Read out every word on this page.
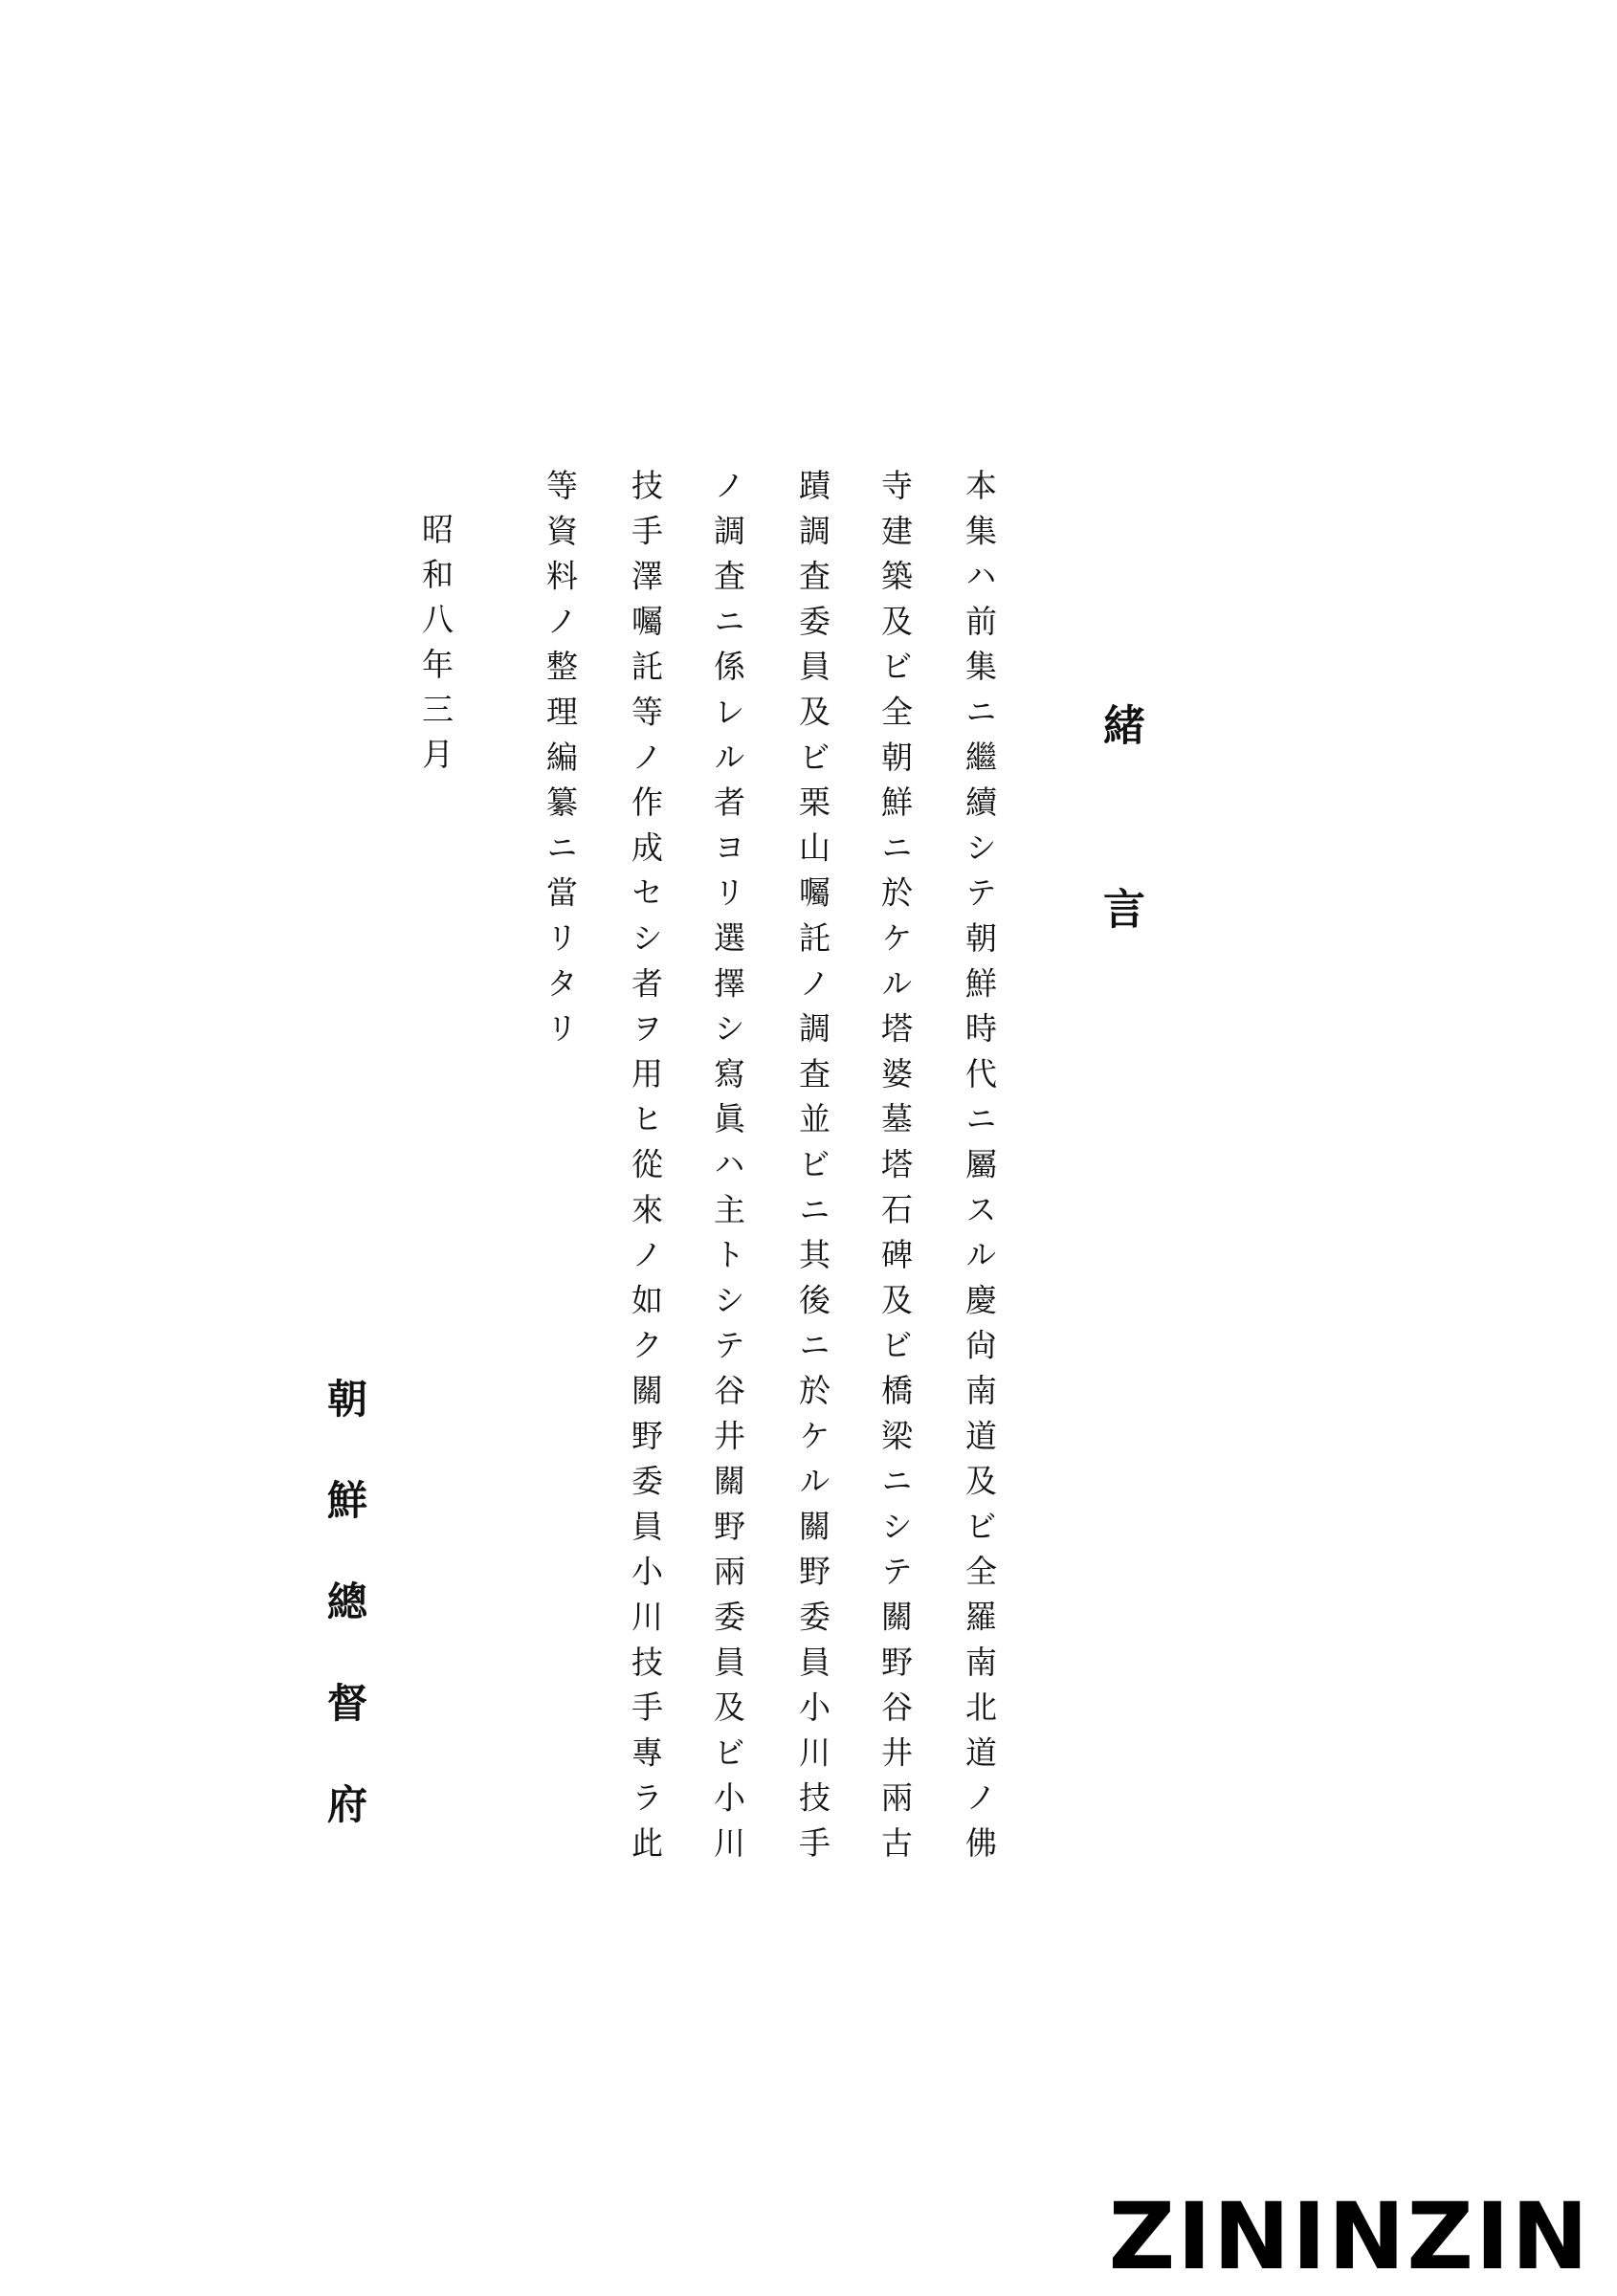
緒言
本集ハ前集ニ繼續シテ朝鮮時代ニ屬スル慶尙南道及ビ全羅南北道ノ佛
寺建築及ビ全朝鮮ニ於ケル塔婆墓塔石碑及ビ橋梁ニシテ關野谷井兩古
蹟調査委員及ビ栗山囑託ノ調査並ビニ其後ニ於ケル關野委員小川技手
ノ調査ニ係レル者ヨリ選擇シ寫眞ハ主トシテ谷井關野兩委員及ビ小川
技手澤囑託等ノ作成セシ者ヲ用ヒ從來ノ如ク關野委員小川技手專ラ此
等資料ノ整理編纂ニ當リタリ
昭和八年三月
朝鮮總督府
ZININZIN
